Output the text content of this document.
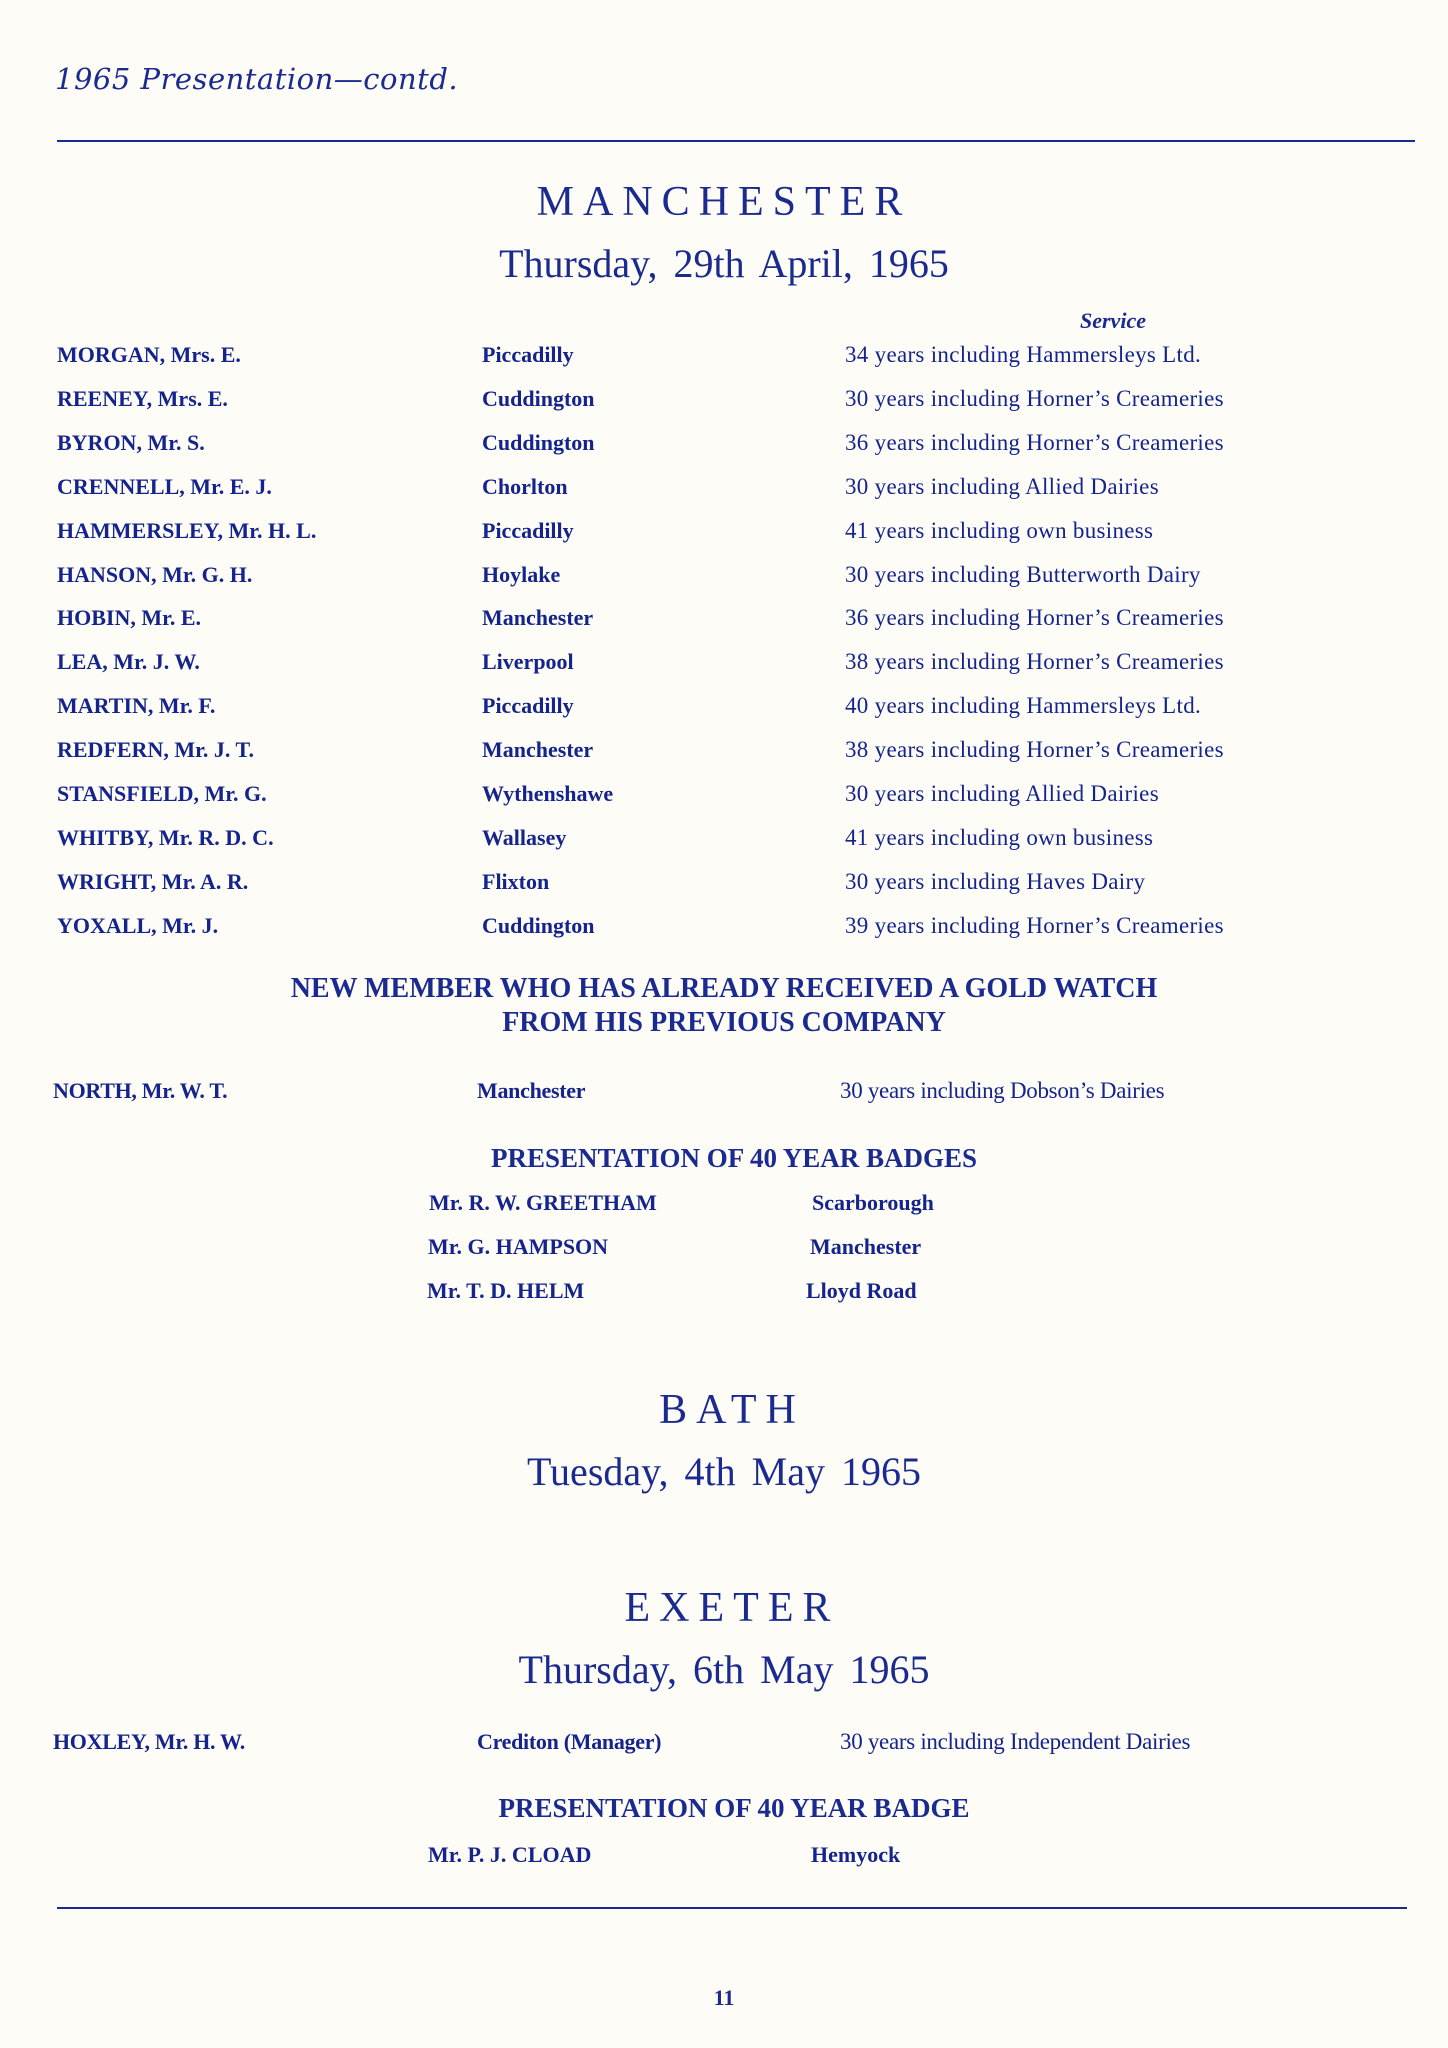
1965 Presentation—contd.
MANCHESTER
Thursday, 29th April, 1965
Service
MORGAN, Mrs. E.	Piccadilly	34 years including Hammersleys Ltd.
REENEY, Mrs. E.	Cuddington	30 years including Horner’s Creameries
BYRON, Mr. S.	Cuddington	36 years including Horner’s Creameries
CRENNELL, Mr. E. J.	Chorlton	30 years including Allied Dairies
HAMMERSLEY, Mr. H. L.	Piccadilly	41 years including own business
HANSON, Mr. G. H.	Hoylake	30 years including Butterworth Dairy
HOBIN, Mr. E.	Manchester	36 years including Horner’s Creameries
LEA, Mr. J. W.	Liverpool	38 years including Horner’s Creameries
MARTIN, Mr. F.	Piccadilly	40 years including Hammersleys Ltd.
REDFERN, Mr. J. T.	Manchester	38 years including Horner’s Creameries
STANSFIELD, Mr. G.	Wythenshawe	30 years including Allied Dairies
WHITBY, Mr. R. D. C.	Wallasey	41 years including own business
WRIGHT, Mr. A. R.	Flixton	30 years including Haves Dairy
YOXALL, Mr. J.	Cuddington	39 years including Horner’s Creameries
NEW MEMBER WHO HAS ALREADY RECEIVED A GOLD WATCH
FROM HIS PREVIOUS COMPANY
NORTH, Mr. W. T.	Manchester	30 years including Dobson’s Dairies
PRESENTATION OF 40 YEAR BADGES
Mr. R. W. GREETHAM	Scarborough
Mr. G. HAMPSON	Manchester
Mr. T. D. HELM	Lloyd Road
BATH
Tuesday, 4th May 1965
EXETER
Thursday, 6th May 1965
HOXLEY, Mr. H. W.	Crediton (Manager)	30 years including Independent Dairies
PRESENTATION OF 40 YEAR BADGE
Mr. P. J. CLOAD	Hemyock
11
